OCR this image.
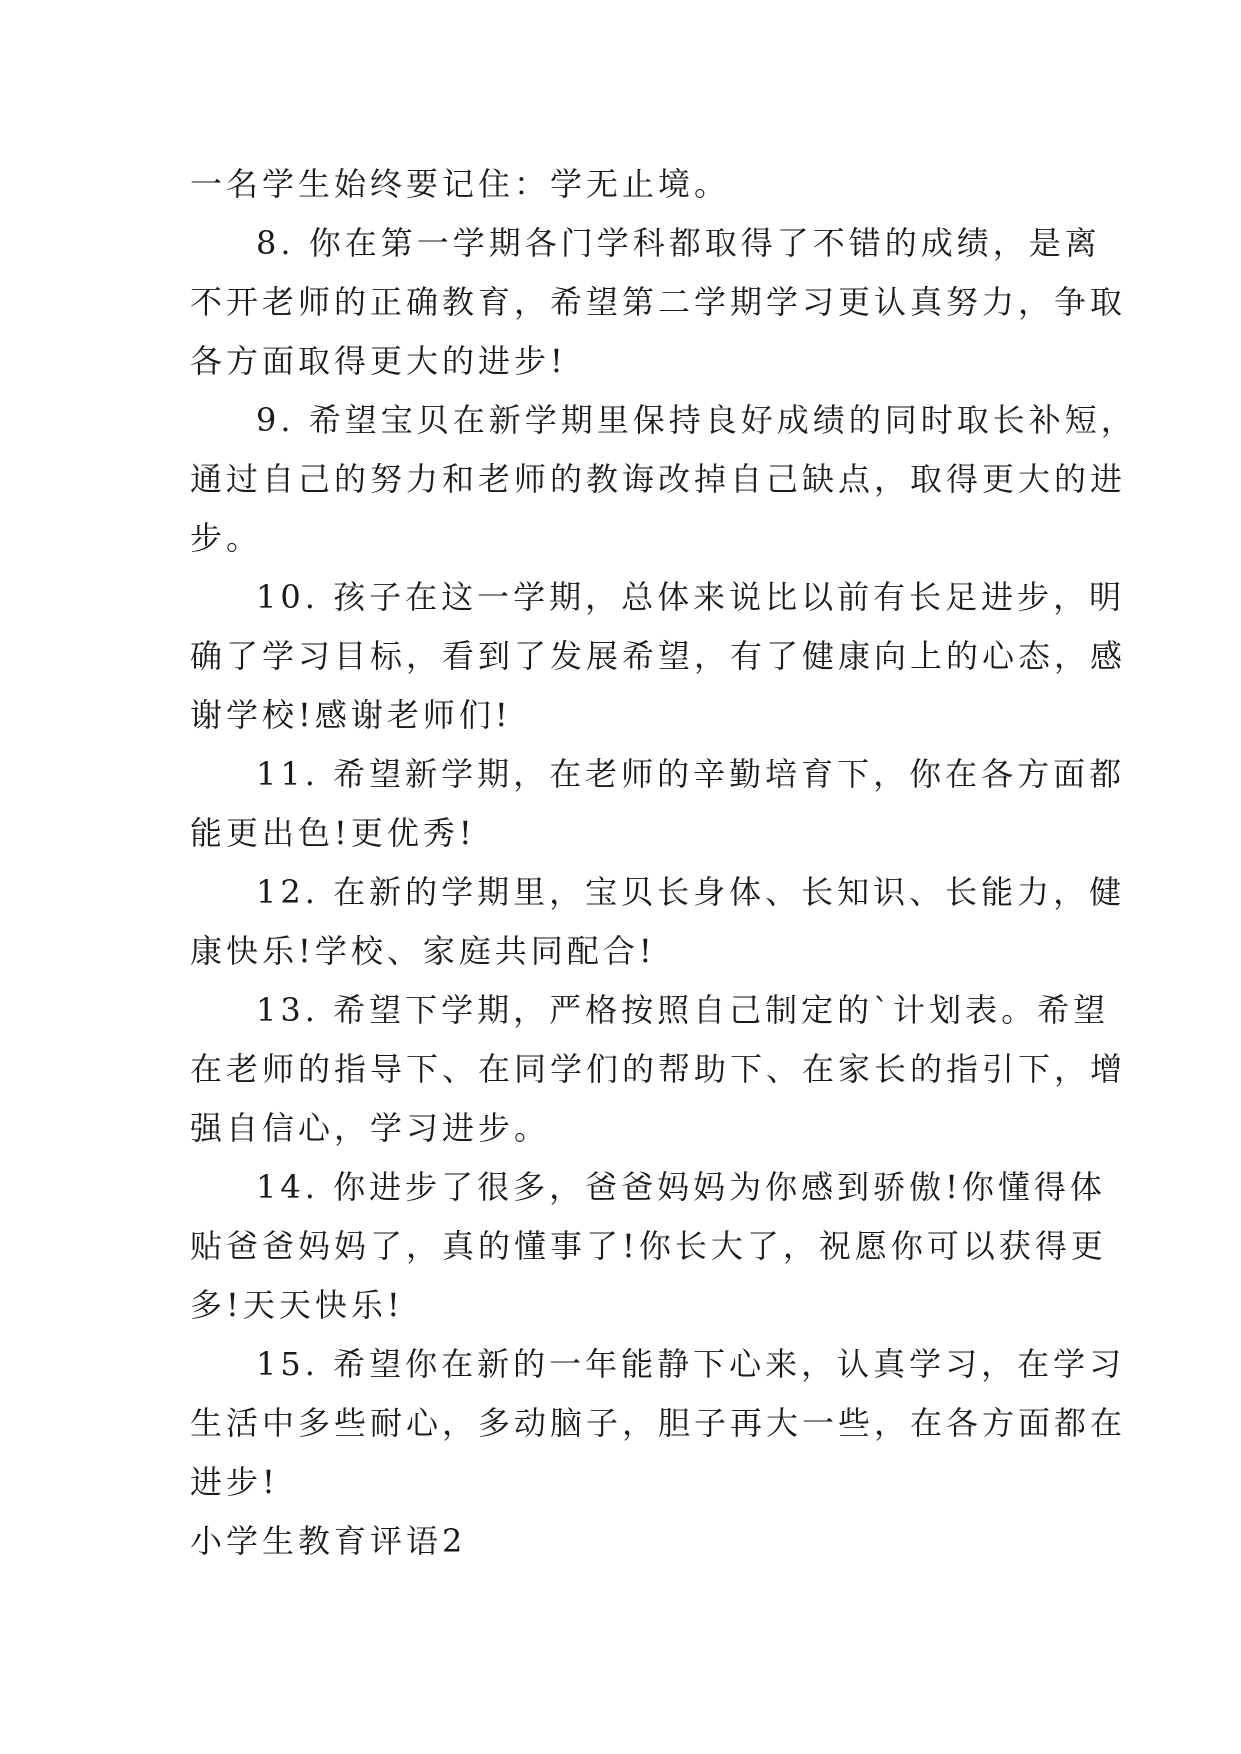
一名学生始终要记住：学无止境。

8. 你在第一学期各门学科都取得了不错的成绩，是离
不开老师的正确教育，希望第二学期学习更认真努力，争取
各方面取得更大的进步!

9. 希望宝贝在新学期里保持良好成绩的同时取长补短，
通过自己的努力和老师的教诲改掉自己缺点，取得更大的进
步。

10. 孩子在这一学期，总体来说比以前有长足进步，明
确了学习目标，看到了发展希望，有了健康向上的心态，感
谢学校!感谢老师们!

11. 希望新学期，在老师的辛勤培育下，你在各方面都
能更出色!更优秀!

12. 在新的学期里，宝贝长身体、长知识、长能力，健
康快乐!学校、家庭共同配合!

13. 希望下学期，严格按照自己制定的`计划表。希望
在老师的指导下、在同学们的帮助下、在家长的指引下，增
强自信心，学习进步。

14. 你进步了很多，爸爸妈妈为你感到骄傲!你懂得体
贴爸爸妈妈了，真的懂事了!你长大了，祝愿你可以获得更
多!天天快乐!

15. 希望你在新的一年能静下心来，认真学习，在学习
生活中多些耐心，多动脑子，胆子再大一些，在各方面都在
进步!

小学生教育评语2
